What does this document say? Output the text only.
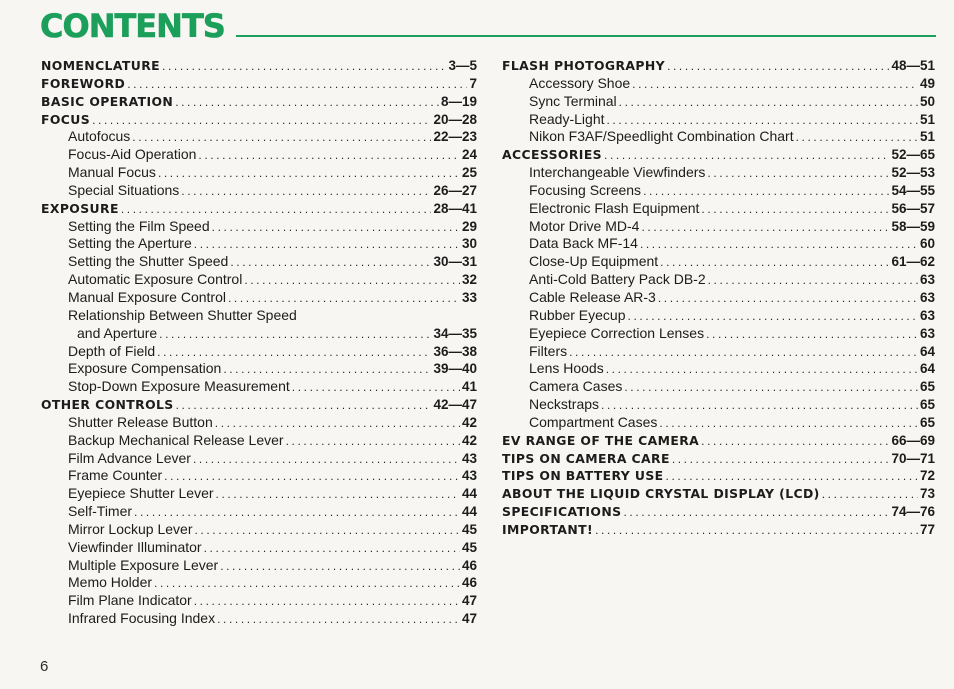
CONTENTS
NOMENCLATURE .....	3—5
FOREWORD .....	7
BASIC OPERATION .....	8—19
FOCUS .....	20—28
Autofocus .....	22—23
Focus-Aid Operation .....	24
Manual Focus .....	25
Special Situations .....	26—27
EXPOSURE .....	28—41
Setting the Film Speed .....	29
Setting the Aperture .....	30
Setting the Shutter Speed .....	30—31
Automatic Exposure Control .....	32
Manual Exposure Control .....	33
Relationship Between Shutter Speed
and Aperture .....	34—35
Depth of Field .....	36—38
Exposure Compensation .....	39—40
Stop-Down Exposure Measurement .....	41
OTHER CONTROLS .....	42—47
Shutter Release Button .....	42
Backup Mechanical Release Lever .....	42
Film Advance Lever .....	43
Frame Counter .....	43
Eyepiece Shutter Lever .....	44
Self-Timer .....	44
Mirror Lockup Lever .....	45
Viewfinder Illuminator .....	45
Multiple Exposure Lever .....	46
Memo Holder .....	46
Film Plane Indicator .....	47
Infrared Focusing Index .....	47
FLASH PHOTOGRAPHY .....	48—51
Accessory Shoe .....	49
Sync Terminal .....	50
Ready-Light .....	51
Nikon F3AF/Speedlight Combination Chart .....	51
ACCESSORIES .....	52—65
Interchangeable Viewfinders .....	52—53
Focusing Screens .....	54—55
Electronic Flash Equipment .....	56—57
Motor Drive MD-4 .....	58—59
Data Back MF-14 .....	60
Close-Up Equipment .....	61—62
Anti-Cold Battery Pack DB-2 .....	63
Cable Release AR-3 .....	63
Rubber Eyecup .....	63
Eyepiece Correction Lenses .....	63
Filters .....	64
Lens Hoods .....	64
Camera Cases .....	65
Neckstraps .....	65
Compartment Cases .....	65
EV RANGE OF THE CAMERA .....	66—69
TIPS ON CAMERA CARE .....	70—71
TIPS ON BATTERY USE .....	72
ABOUT THE LIQUID CRYSTAL DISPLAY (LCD) .....	73
SPECIFICATIONS .....	74—76
IMPORTANT! .....	77
6
